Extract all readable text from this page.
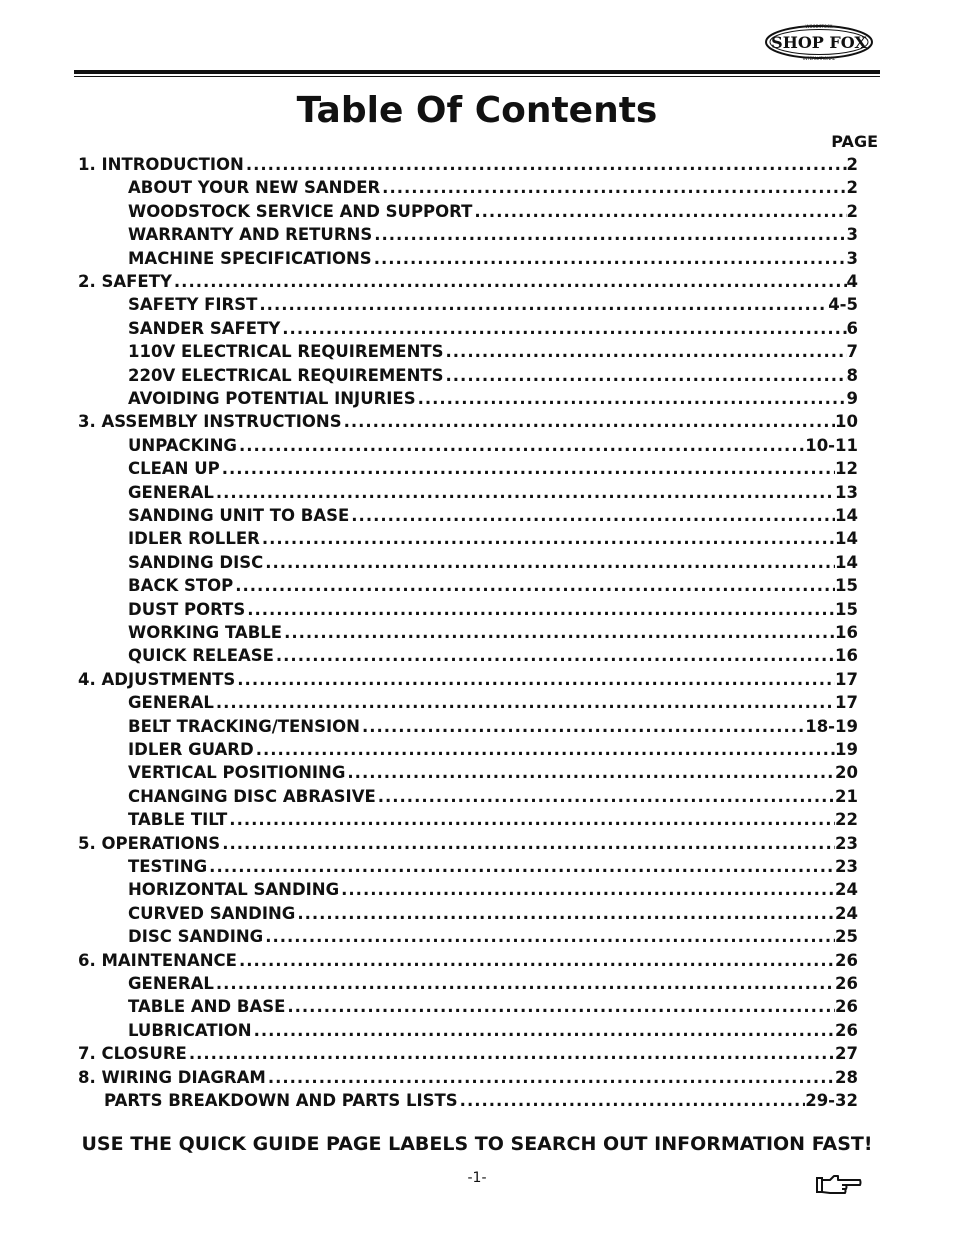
SHOP FOX
WOODSTOCK
INTERNATIONAL
Table Of Contents
PAGE
1. INTRODUCTION .....	2
ABOUT YOUR NEW SANDER .....	2
WOODSTOCK SERVICE AND SUPPORT .....	2
WARRANTY AND RETURNS .....	3
MACHINE SPECIFICATIONS .....	3
2. SAFETY .....	4
SAFETY FIRST .....	4-5
SANDER SAFETY .....	6
110V ELECTRICAL REQUIREMENTS .....	7
220V ELECTRICAL REQUIREMENTS .....	8
AVOIDING POTENTIAL INJURIES .....	9
3. ASSEMBLY INSTRUCTIONS .....	10
UNPACKING .....	10-11
CLEAN UP .....	12
GENERAL .....	13
SANDING UNIT TO BASE .....	14
IDLER ROLLER .....	14
SANDING DISC .....	14
BACK STOP .....	15
DUST PORTS .....	15
WORKING TABLE .....	16
QUICK RELEASE .....	16
4. ADJUSTMENTS .....	17
GENERAL .....	17
BELT TRACKING/TENSION .....	18-19
IDLER GUARD .....	19
VERTICAL POSITIONING .....	20
CHANGING DISC ABRASIVE .....	21
TABLE TILT .....	22
5. OPERATIONS .....	23
TESTING .....	23
HORIZONTAL SANDING .....	24
CURVED SANDING .....	24
DISC SANDING .....	25
6. MAINTENANCE .....	26
GENERAL .....	26
TABLE AND BASE .....	26
LUBRICATION .....	26
7. CLOSURE .....	27
8. WIRING DIAGRAM .....	28
PARTS BREAKDOWN AND PARTS LISTS .....	29-32
USE THE QUICK GUIDE PAGE LABELS TO SEARCH OUT INFORMATION FAST!
-1-
